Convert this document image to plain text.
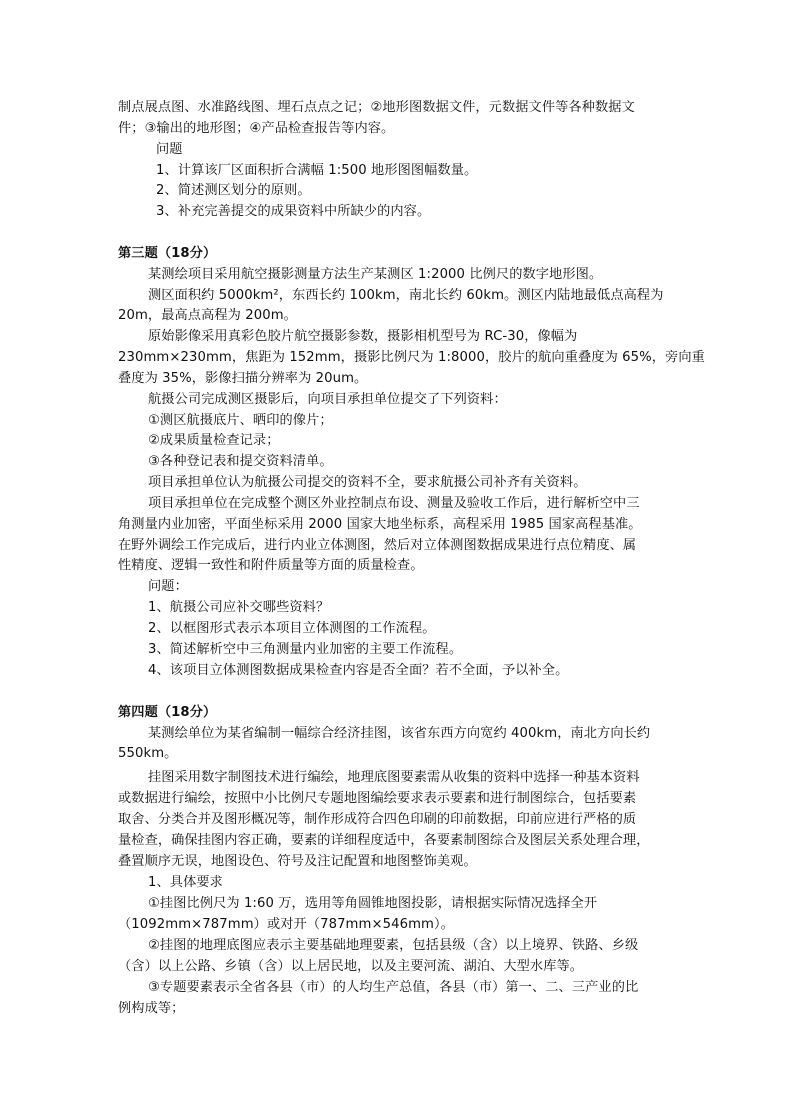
制点展点图、水准路线图、埋石点点之记；②地形图数据文件，元数据文件等各种数据文
件；③输出的地形图；④产品检查报告等内容。
问题
1、计算该厂区面积折合满幅 1:500 地形图图幅数量。
2、简述测区划分的原则。
3、补充完善提交的成果资料中所缺少的内容。
第三题（18分）
某测绘项目采用航空摄影测量方法生产某测区 1:2000 比例尺的数字地形图。
测区面积约 5000km²，东西长约 100km，南北长约 60km。测区内陆地最低点高程为
20m，最高点高程为 200m。
原始影像采用真彩色胶片航空摄影参数，摄影相机型号为 RC-30，像幅为
230mm×230mm，焦距为 152mm，摄影比例尺为 1:8000，胶片的航向重叠度为 65%，旁向重
叠度为 35%，影像扫描分辨率为 20um。
航摄公司完成测区摄影后，向项目承担单位提交了下列资料：
①测区航摄底片、晒印的像片；
②成果质量检查记录；
③各种登记表和提交资料清单。
项目承担单位认为航摄公司提交的资料不全，要求航摄公司补齐有关资料。
项目承担单位在完成整个测区外业控制点布设、测量及验收工作后，进行解析空中三
角测量内业加密，平面坐标采用 2000 国家大地坐标系，高程采用 1985 国家高程基准。
在野外调绘工作完成后，进行内业立体测图，然后对立体测图数据成果进行点位精度、属
性精度、逻辑一致性和附件质量等方面的质量检查。
问题：
1、航摄公司应补交哪些资料？
2、以框图形式表示本项目立体测图的工作流程。
3、简述解析空中三角测量内业加密的主要工作流程。
4、该项目立体测图数据成果检查内容是否全面？若不全面，予以补全。
第四题（18分）
某测绘单位为某省编制一幅综合经济挂图，该省东西方向宽约 400km，南北方向长约
550km。
挂图采用数字制图技术进行编绘，地理底图要素需从收集的资料中选择一种基本资料
或数据进行编绘，按照中小比例尺专题地图编绘要求表示要素和进行制图综合，包括要素
取舍、分类合并及图形概况等，制作形成符合四色印刷的印前数据，印前应进行严格的质
量检查，确保挂图内容正确，要素的详细程度适中，各要素制图综合及图层关系处理合理，
叠置顺序无误，地图设色、符号及注记配置和地图整饰美观。
1、具体要求
①挂图比例尺为 1:60 万，选用等角圆锥地图投影，请根据实际情况选择全开
（1092mm×787mm）或对开（787mm×546mm）。
②挂图的地理底图应表示主要基础地理要素，包括县级（含）以上境界、铁路、乡级
（含）以上公路、乡镇（含）以上居民地，以及主要河流、湖泊、大型水库等。
③专题要素表示全省各县（市）的人均生产总值，各县（市）第一、二、三产业的比
例构成等；
